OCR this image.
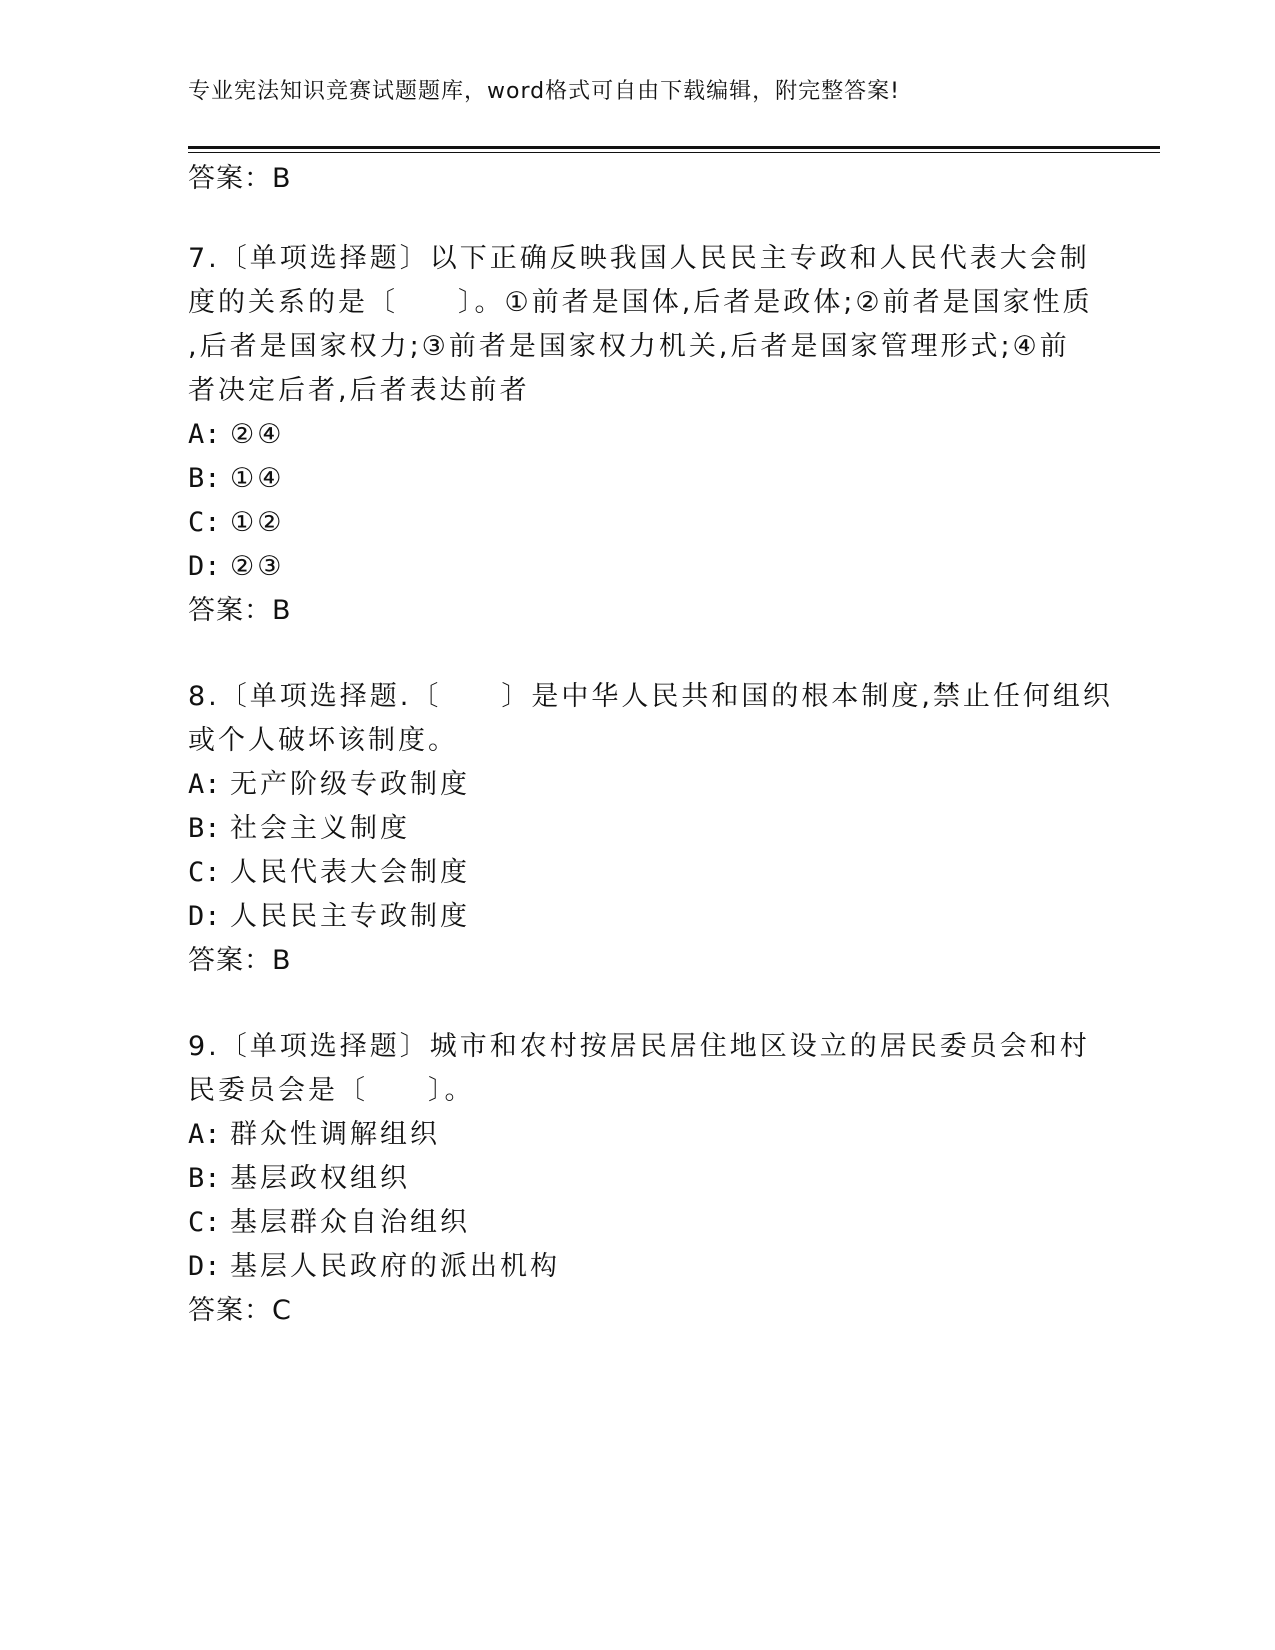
专业宪法知识竞赛试题题库，word格式可自由下载编辑，附完整答案!
答案：B
7.〔单项选择题〕以下正确反映我国人民民主专政和人民代表大会制
度的关系的是〔　　〕。①前者是国体,后者是政体;②前者是国家性质
,后者是国家权力;③前者是国家权力机关,后者是国家管理形式;④前
者决定后者,后者表达前者
A: ②④
B: ①④
C: ①②
D: ②③
答案：B
8.〔单项选择题.〔　　〕是中华人民共和国的根本制度,禁止任何组织
或个人破坏该制度。
A: 无产阶级专政制度
B: 社会主义制度
C: 人民代表大会制度
D: 人民民主专政制度
答案：B
9.〔单项选择题〕城市和农村按居民居住地区设立的居民委员会和村
民委员会是〔　　〕。
A: 群众性调解组织
B: 基层政权组织
C: 基层群众自治组织
D: 基层人民政府的派出机构
答案：C
